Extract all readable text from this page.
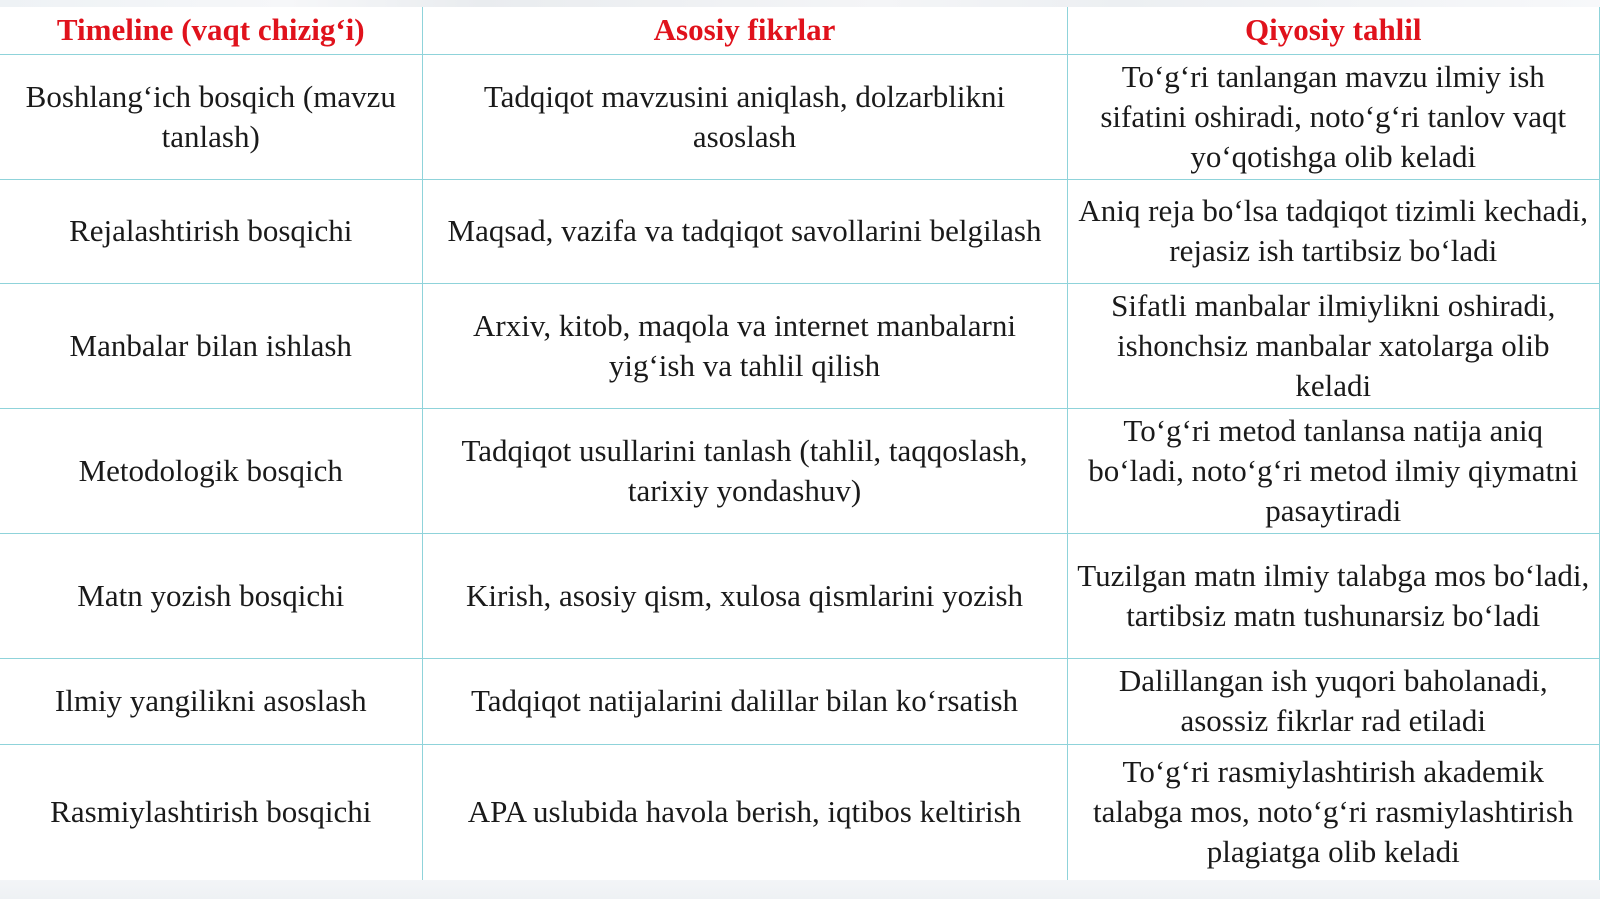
Timeline (vaqt chizig‘i)	Asosiy fikrlar	Qiyosiy tahlil
Boshlang‘ich bosqich (mavzu tanlash)	Tadqiqot mavzusini aniqlash, dolzarblikni asoslash	To‘g‘ri tanlangan mavzu ilmiy ish sifatini oshiradi, noto‘g‘ri tanlov vaqt yo‘qotishga olib keladi
Rejalashtirish bosqichi	Maqsad, vazifa va tadqiqot savollarini belgilash	Aniq reja bo‘lsa tadqiqot tizimli kechadi, rejasiz ish tartibsiz bo‘ladi
Manbalar bilan ishlash	Arxiv, kitob, maqola va internet manbalarni yig‘ish va tahlil qilish	Sifatli manbalar ilmiylikni oshiradi, ishonchsiz manbalar xatolarga olib keladi
Metodologik bosqich	Tadqiqot usullarini tanlash (tahlil, taqqoslash, tarixiy yondashuv)	To‘g‘ri metod tanlansa natija aniq bo‘ladi, noto‘g‘ri metod ilmiy qiymatni pasaytiradi
Matn yozish bosqichi	Kirish, asosiy qism, xulosa qismlarini yozish	Tuzilgan matn ilmiy talabga mos bo‘ladi, tartibsiz matn tushunarsiz bo‘ladi
Ilmiy yangilikni asoslash	Tadqiqot natijalarini dalillar bilan ko‘rsatish	Dalillangan ish yuqori baholanadi, asossiz fikrlar rad etiladi
Rasmiylashtirish bosqichi	APA uslubida havola berish, iqtibos keltirish	To‘g‘ri rasmiylashtirish akademik talabga mos, noto‘g‘ri rasmiylashtirish plagiatga olib keladi
